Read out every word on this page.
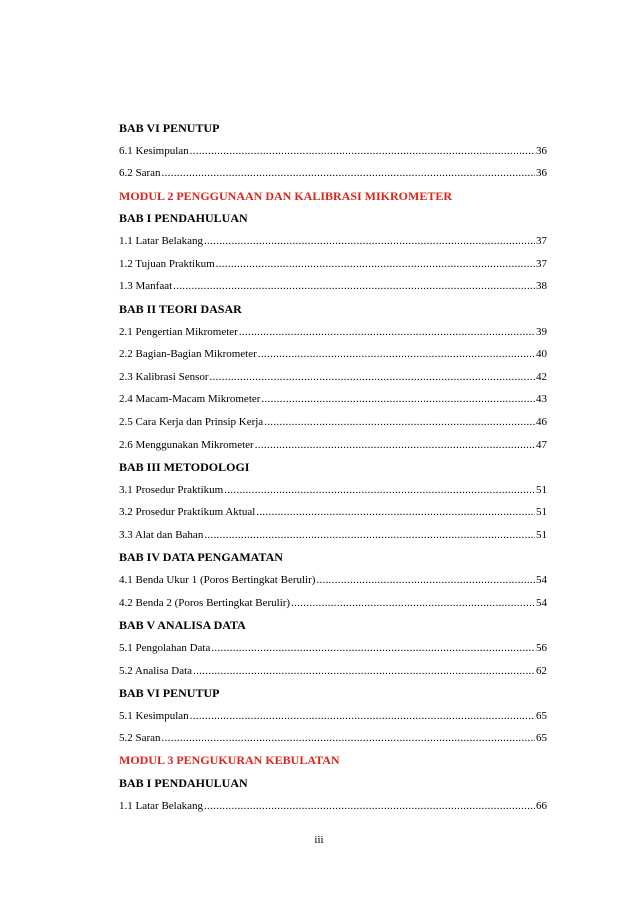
BAB VI PENUTUP
6.1 Kesimpulan .....	36
6.2 Saran .....	36
MODUL 2 PENGGUNAAN DAN KALIBRASI MIKROMETER
BAB I PENDAHULUAN
1.1 Latar Belakang .....	37
1.2 Tujuan Praktikum .....	37
1.3 Manfaat .....	38
BAB II TEORI DASAR
2.1 Pengertian Mikrometer .....	39
2.2 Bagian-Bagian Mikrometer .....	40
2.3 Kalibrasi Sensor .....	42
2.4 Macam-Macam Mikrometer .....	43
2.5 Cara Kerja dan Prinsip Kerja .....	46
2.6 Menggunakan Mikrometer .....	47
BAB III METODOLOGI
3.1 Prosedur Praktikum .....	51
3.2 Prosedur Praktikum Aktual .....	51
3.3 Alat dan Bahan .....	51
BAB IV DATA PENGAMATAN
4.1 Benda Ukur 1 (Poros Bertingkat Berulir) .....	54
4.2 Benda 2 (Poros Bertingkat Berulir) .....	54
BAB V ANALISA DATA
5.1 Pengolahan Data .....	56
5.2 Analisa Data .....	62
BAB VI PENUTUP
5.1 Kesimpulan .....	65
5.2 Saran .....	65
MODUL 3 PENGUKURAN KEBULATAN
BAB I PENDAHULUAN
1.1 Latar Belakang .....	66
iii
